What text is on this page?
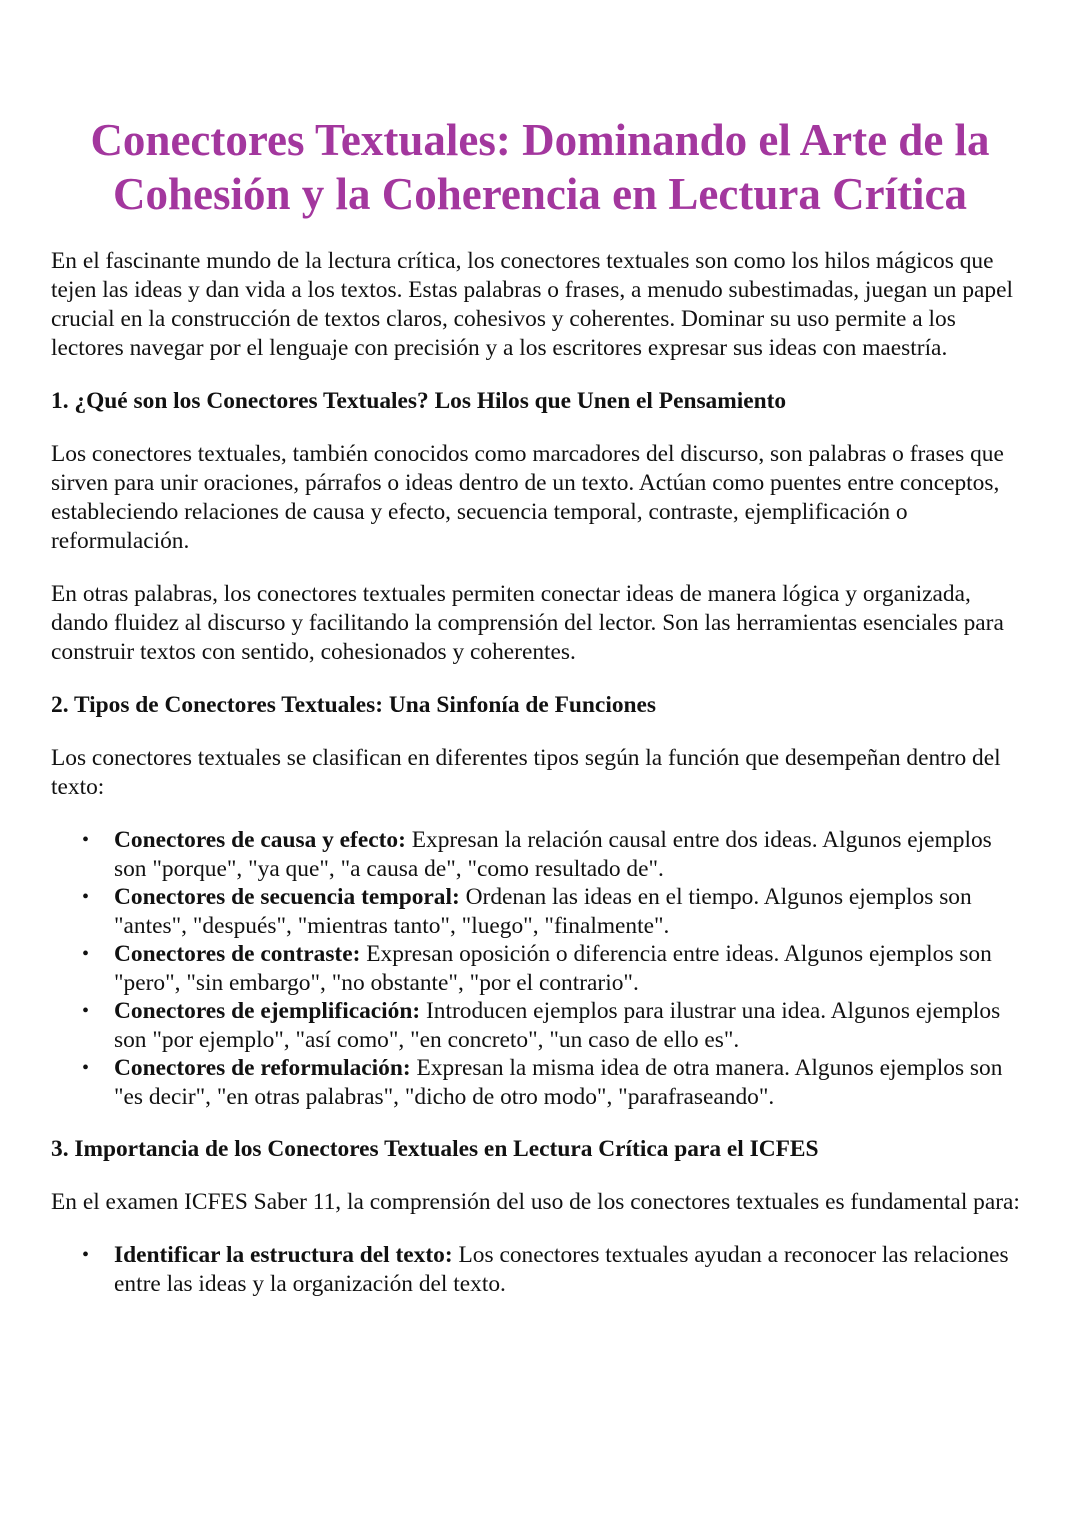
Conectores Textuales: Dominando el Arte de la
Cohesión y la Coherencia en Lectura Crítica

En el fascinante mundo de la lectura crítica, los conectores textuales son como los hilos mágicos que tejen las ideas y dan vida a los textos. Estas palabras o frases, a menudo subestimadas, juegan un papel crucial en la construcción de textos claros, cohesivos y coherentes. Dominar su uso permite a los lectores navegar por el lenguaje con precisión y a los escritores expresar sus ideas con maestría.

1. ¿Qué son los Conectores Textuales? Los Hilos que Unen el Pensamiento

Los conectores textuales, también conocidos como marcadores del discurso, son palabras o frases que sirven para unir oraciones, párrafos o ideas dentro de un texto. Actúan como puentes entre conceptos, estableciendo relaciones de causa y efecto, secuencia temporal, contraste, ejemplificación o reformulación.

En otras palabras, los conectores textuales permiten conectar ideas de manera lógica y organizada, dando fluidez al discurso y facilitando la comprensión del lector. Son las herramientas esenciales para construir textos con sentido, cohesionados y coherentes.

2. Tipos de Conectores Textuales: Una Sinfonía de Funciones

Los conectores textuales se clasifican en diferentes tipos según la función que desempeñan dentro del texto:

• Conectores de causa y efecto: Expresan la relación causal entre dos ideas. Algunos ejemplos son "porque", "ya que", "a causa de", "como resultado de".
• Conectores de secuencia temporal: Ordenan las ideas en el tiempo. Algunos ejemplos son "antes", "después", "mientras tanto", "luego", "finalmente".
• Conectores de contraste: Expresan oposición o diferencia entre ideas. Algunos ejemplos son "pero", "sin embargo", "no obstante", "por el contrario".
• Conectores de ejemplificación: Introducen ejemplos para ilustrar una idea. Algunos ejemplos son "por ejemplo", "así como", "en concreto", "un caso de ello es".
• Conectores de reformulación: Expresan la misma idea de otra manera. Algunos ejemplos son "es decir", "en otras palabras", "dicho de otro modo", "parafraseando".
3. Importancia de los Conectores Textuales en Lectura Crítica para el ICFES

En el examen ICFES Saber 11, la comprensión del uso de los conectores textuales es fundamental para:

• Identificar la estructura del texto: Los conectores textuales ayudan a reconocer las relaciones entre las ideas y la organización del texto.
